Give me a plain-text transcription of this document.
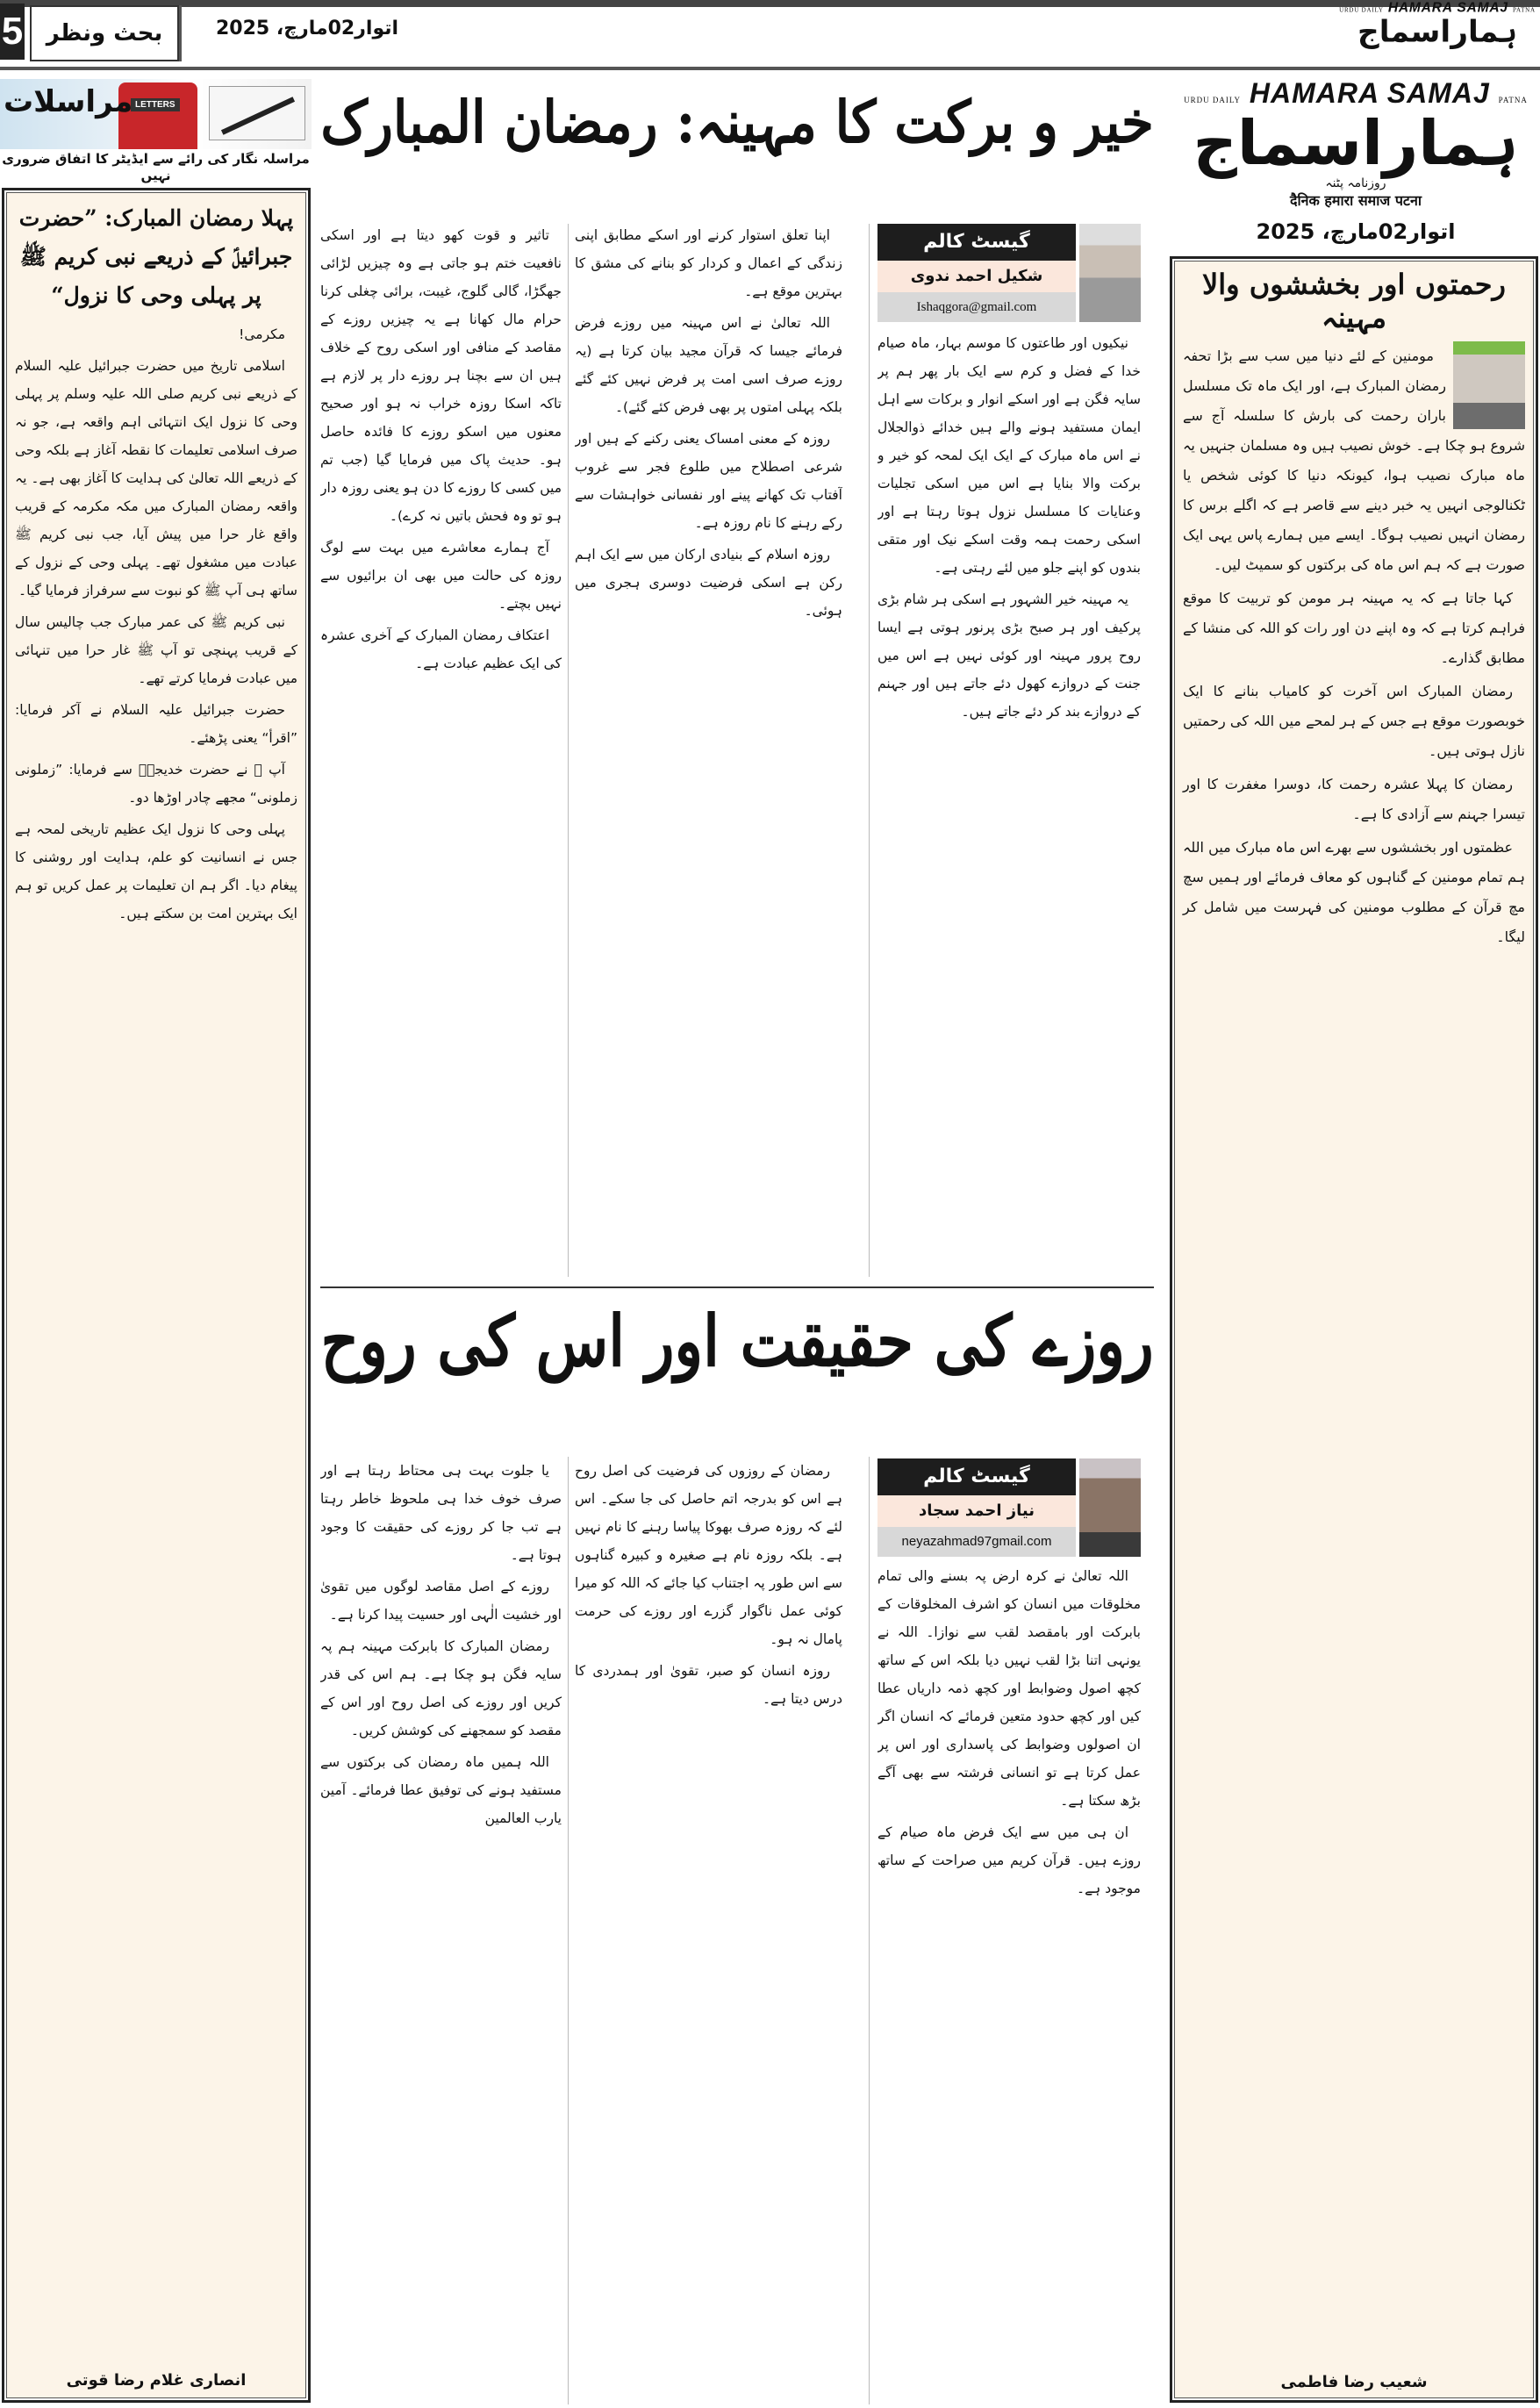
5	بحث ونظر	اتوار02مارچ، 2025
URDU DAILY HAMARA SAMAJ PATNA
ہماراسماج
LETTERS
مراسلات
پہلا رمضان المبارک: ”حضرت جبرائیلؑ کے ذریعے نبی کریم ﷺ پر پہلی وحی کا نزول“

مکرمی!

اسلامی تاریخ میں حضرت جبرائیل علیہ السلام کے ذریعے نبی کریم صلی اللہ علیہ وسلم پر پہلی وحی کا نزول ایک انتہائی اہم واقعہ ہے، جو نہ صرف اسلامی تعلیمات کا نقطہ آغاز ہے بلکہ وحی کے ذریعے اللہ تعالیٰ کی ہدایت کا آغاز بھی ہے۔ یہ واقعہ رمضان المبارک میں مکہ مکرمہ کے قریب واقع غار حرا میں پیش آیا، جب نبی کریم ﷺ عبادت میں مشغول تھے۔ پہلی وحی کے نزول کے ساتھ ہی آپ ﷺ کو نبوت سے سرفراز فرمایا گیا۔

نبی کریم ﷺ کی عمر مبارک جب چالیس سال کے قریب پہنچی تو آپ ﷺ غار حرا میں تنہائی میں عبادت فرمایا کرتے تھے۔

حضرت جبرائیل علیہ السلام نے آکر فرمایا: ”اقرأ“ یعنی پڑھئے۔

آپ ﷺ نے حضرت خدیجہؓ سے فرمایا: ”زملونی زملونی“ مجھے چادر اوڑھا دو۔

پہلی وحی کا نزول ایک عظیم تاریخی لمحہ ہے جس نے انسانیت کو علم، ہدایت اور روشنی کا پیغام دیا۔ اگر ہم ان تعلیمات پر عمل کریں تو ہم ایک بہترین امت بن سکتے ہیں۔

انصاری غلام رضا قوتی
مراسلہ نگار کی رائے سے ایڈیٹر کا اتفاق ضروری نہیں
خیر و برکت کا مہینہ: رمضان المبارک
گیسٹ کالم
شکیل احمد ندوی
Ishaqgora@gmail.com

نیکیوں اور طاعتوں کا موسم بہار، ماہ صیام خدا کے فضل و کرم سے ایک بار پھر ہم پر سایہ فگن ہے اور اسکے انوار و برکات سے اہل ایمان مستفید ہونے والے ہیں خدائے ذوالجلال نے اس ماہ مبارک کے ایک ایک لمحہ کو خیر و برکت والا بنایا ہے اس میں اسکی تجلیات وعنایات کا مسلسل نزول ہوتا رہتا ہے اور اسکی رحمت ہمہ وقت اسکے نیک اور متقی بندوں کو اپنے جلو میں لئے رہتی ہے۔

یہ مہینہ خیر الشہور ہے اسکی ہر شام بڑی پرکیف اور ہر صبح بڑی پرنور ہوتی ہے ایسا روح پرور مہینہ اور کوئی نہیں ہے اس میں جنت کے دروازے کھول دئے جاتے ہیں اور جہنم کے دروازے بند کر دئے جاتے ہیں۔

اپنا تعلق استوار کرنے اور اسکے مطابق اپنی زندگی کے اعمال و کردار کو بنانے کی مشق کا بہترین موقع ہے۔

اللہ تعالیٰ نے اس مہینہ میں روزے فرض فرمائے جیسا کہ قرآن مجید بیان کرتا ہے (یہ روزے صرف اسی امت پر فرض نہیں کئے گئے بلکہ پہلی امتوں پر بھی فرض کئے گئے)۔

روزہ کے معنی امساک یعنی رکنے کے ہیں اور شرعی اصطلاح میں طلوع فجر سے غروب آفتاب تک کھانے پینے اور نفسانی خواہشات سے رکے رہنے کا نام روزہ ہے۔

روزہ اسلام کے بنیادی ارکان میں سے ایک اہم رکن ہے اسکی فرضیت دوسری ہجری میں ہوئی۔

تاثیر و قوت کھو دیتا ہے اور اسکی نافعیت ختم ہو جاتی ہے وہ چیزیں لڑائی جھگڑا، گالی گلوج، غیبت، برائی چغلی کرنا حرام مال کھانا ہے یہ چیزیں روزے کے مقاصد کے منافی اور اسکی روح کے خلاف ہیں ان سے بچنا ہر روزے دار پر لازم ہے تاکہ اسکا روزہ خراب نہ ہو اور صحیح معنوں میں اسکو روزے کا فائدہ حاصل ہو۔ حدیث پاک میں فرمایا گیا (جب تم میں کسی کا روزے کا دن ہو یعنی روزہ دار ہو تو وہ فحش باتیں نہ کرے)۔

آج ہمارے معاشرے میں بہت سے لوگ روزہ کی حالت میں بھی ان برائیوں سے نہیں بچتے۔

اعتکاف رمضان المبارک کے آخری عشرہ کی ایک عظیم عبادت ہے۔

روزے کی حقیقت اور اس کی روح
گیسٹ کالم
نیاز احمد سجاد
neyazahmad97gmail.com

اللہ تعالیٰ نے کرہ ارض پہ بسنے والی تمام مخلوقات میں انسان کو اشرف المخلوقات کے بابرکت اور بامقصد لقب سے نوازا۔ اللہ نے یونہی اتنا بڑا لقب نہیں دیا بلکہ اس کے ساتھ کچھ اصول وضوابط اور کچھ ذمہ داریاں عطا کیں اور کچھ حدود متعین فرمائے کہ انسان اگر ان اصولوں وضوابط کی پاسداری اور اس پر عمل کرتا ہے تو انسانی فرشتہ سے بھی آگے بڑھ سکتا ہے۔

ان ہی میں سے ایک فرض ماہ صیام کے روزے ہیں۔ قرآن کریم میں صراحت کے ساتھ موجود ہے۔

رمضان کے روزوں کی فرضیت کی اصل روح ہے اس کو بدرجہ اتم حاصل کی جا سکے۔ اس لئے کہ روزہ صرف بھوکا پیاسا رہنے کا نام نہیں ہے۔ بلکہ روزہ نام ہے صغیرہ و کبیرہ گناہوں سے اس طور پہ اجتناب کیا جائے کہ اللہ کو میرا کوئی عمل ناگوار گزرے اور روزے کی حرمت پامال نہ ہو۔

روزہ انسان کو صبر، تقویٰ اور ہمدردی کا درس دیتا ہے۔

یا جلوت بہت ہی محتاط رہتا ہے اور صرف خوف خدا ہی ملحوظ خاطر رہتا ہے تب جا کر روزے کی حقیقت کا وجود ہوتا ہے۔

روزے کے اصل مقاصد لوگوں میں تقویٰ اور خشیت الٰہی اور حسیت پیدا کرنا ہے۔

رمضان المبارک کا بابرکت مہینہ ہم پہ سایہ فگن ہو چکا ہے۔ ہم اس کی قدر کریں اور روزے کی اصل روح اور اس کے مقصد کو سمجھنے کی کوشش کریں۔

اللہ ہمیں ماہ رمضان کی برکتوں سے مستفید ہونے کی توفیق عطا فرمائے۔ آمین یارب العالمین

URDU DAILY HAMARA SAMAJ PATNA
ہماراسماج
روزنامہ پٹنہ
दैनिक हमारा समाज पटना
اتوار02مارچ، 2025
رحمتوں اور بخششوں والا مہینہ

مومنین کے لئے دنیا میں سب سے بڑا تحفہ رمضان المبارک ہے، اور ایک ماہ تک مسلسل باران رحمت کی بارش کا سلسلہ آج سے شروع ہو چکا ہے۔ خوش نصیب ہیں وہ مسلمان جنہیں یہ ماہ مبارک نصیب ہوا، کیونکہ دنیا کا کوئی شخص یا ٹکنالوجی انہیں یہ خبر دینے سے قاصر ہے کہ اگلے برس کا رمضان انہیں نصیب ہوگا۔ ایسے میں ہمارے پاس یہی ایک صورت ہے کہ ہم اس ماہ کی برکتوں کو سمیٹ لیں۔

کہا جاتا ہے کہ یہ مہینہ ہر مومن کو تربیت کا موقع فراہم کرتا ہے کہ وہ اپنے دن اور رات کو اللہ کی منشا کے مطابق گذارے۔

رمضان المبارک اس آخرت کو کامیاب بنانے کا ایک خوبصورت موقع ہے جس کے ہر لمحے میں اللہ کی رحمتیں نازل ہوتی ہیں۔

رمضان کا پہلا عشرہ رحمت کا، دوسرا مغفرت کا اور تیسرا جہنم سے آزادی کا ہے۔

عظمتوں اور بخششوں سے بھرے اس ماہ مبارک میں اللہ ہم تمام مومنین کے گناہوں کو معاف فرمائے اور ہمیں سچ مچ قرآن کے مطلوب مومنین کی فہرست میں شامل کر لیگا۔

شعیب رضا فاطمی
